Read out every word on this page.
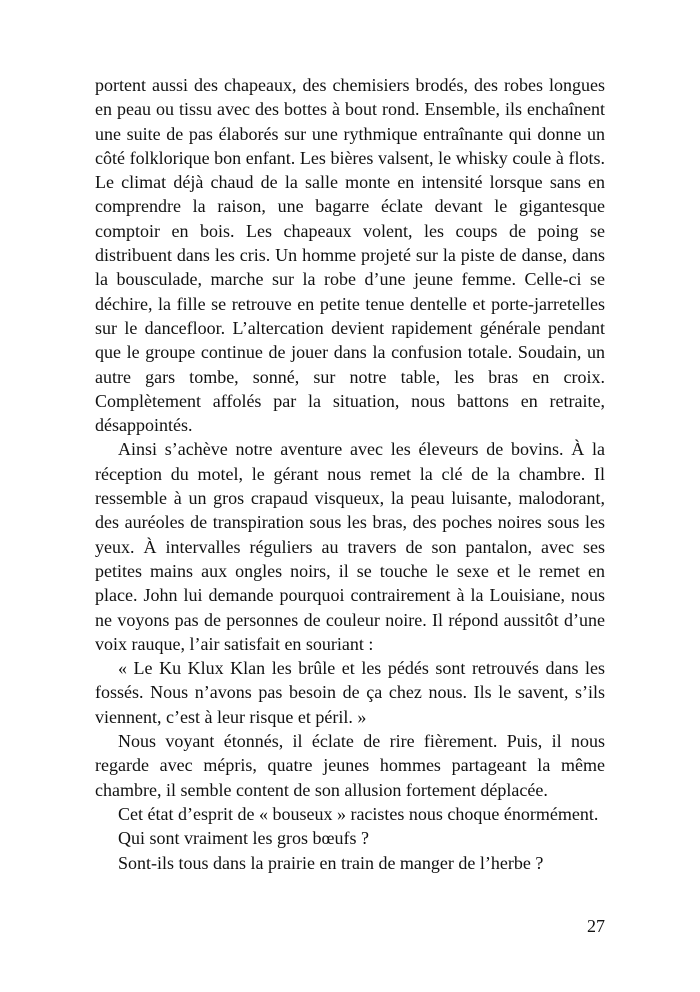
portent aussi des chapeaux, des chemisiers brodés, des robes longues en peau ou tissu avec des bottes à bout rond. Ensemble, ils enchaînent une suite de pas élaborés sur une rythmique entraînante qui donne un côté folklorique bon enfant. Les bières valsent, le whisky coule à flots. Le climat déjà chaud de la salle monte en intensité lorsque sans en comprendre la raison, une bagarre éclate devant le gigantesque comptoir en bois. Les chapeaux volent, les coups de poing se distribuent dans les cris. Un homme projeté sur la piste de danse, dans la bousculade, marche sur la robe d’une jeune femme. Celle-ci se déchire, la fille se retrouve en petite tenue dentelle et porte-jarretelles sur le dancefloor. L’altercation devient rapidement générale pendant que le groupe continue de jouer dans la confusion totale. Soudain, un autre gars tombe, sonné, sur notre table, les bras en croix. Complètement affolés par la situation, nous battons en retraite, désappointés.

Ainsi s’achève notre aventure avec les éleveurs de bovins. À la réception du motel, le gérant nous remet la clé de la chambre. Il ressemble à un gros crapaud visqueux, la peau luisante, malodorant, des auréoles de transpiration sous les bras, des poches noires sous les yeux. À intervalles réguliers au travers de son pantalon, avec ses petites mains aux ongles noirs, il se touche le sexe et le remet en place. John lui demande pourquoi contrairement à la Louisiane, nous ne voyons pas de personnes de couleur noire. Il répond aussitôt d’une voix rauque, l’air satisfait en souriant :

« Le Ku Klux Klan les brûle et les pédés sont retrouvés dans les fossés. Nous n’avons pas besoin de ça chez nous. Ils le savent, s’ils viennent, c’est à leur risque et péril. »

Nous voyant étonnés, il éclate de rire fièrement. Puis, il nous regarde avec mépris, quatre jeunes hommes partageant la même chambre, il semble content de son allusion fortement déplacée.

Cet état d’esprit de « bouseux » racistes nous choque énormément.

Qui sont vraiment les gros bœufs ?

Sont-ils tous dans la prairie en train de manger de l’herbe ?

27
